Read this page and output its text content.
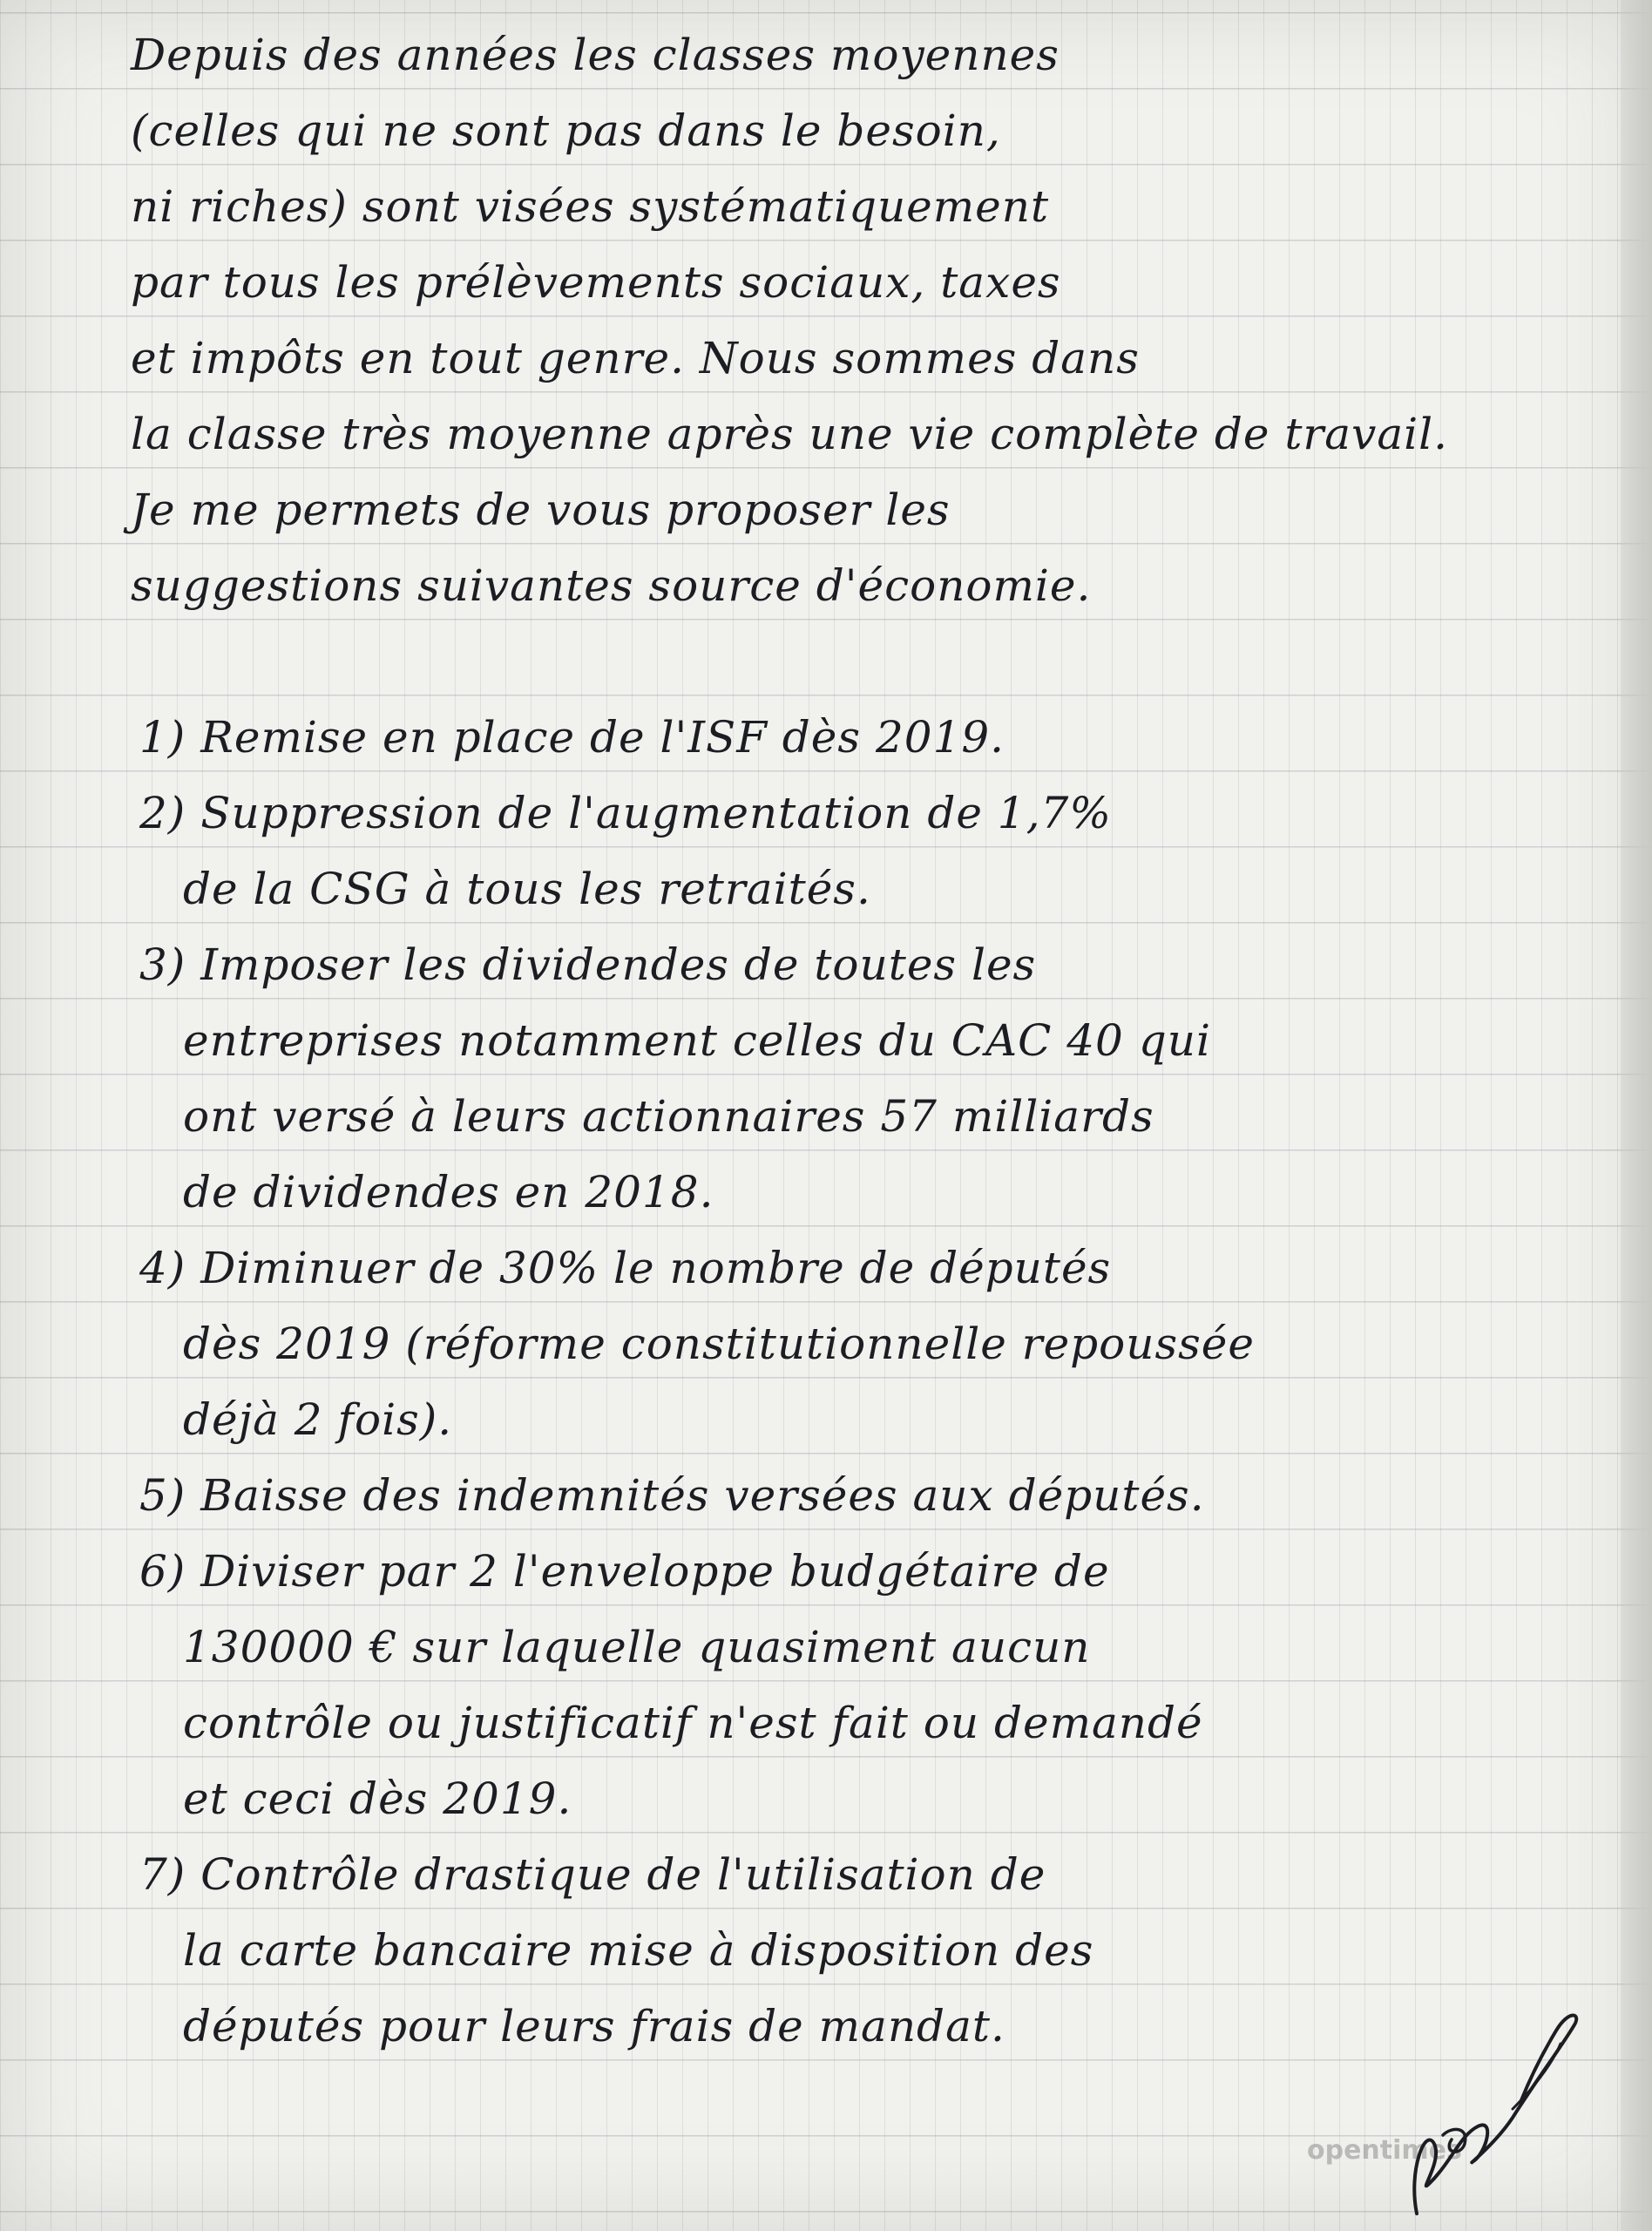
Depuis des années les classes moyennes
(celles qui ne sont pas dans le besoin,
ni riches) sont visées systématiquement
par tous les prélèvements sociaux, taxes
et impôts en tout genre. Nous sommes dans
la classe très moyenne après une vie complète de travail.
Je me permets de vous proposer les
suggestions suivantes source d'économie.
1) Remise en place de l'ISF dès 2019.
2) Suppression de l'augmentation de 1,7%
de la CSG à tous les retraités.
3) Imposer les dividendes de toutes les
entreprises notamment celles du CAC 40 qui
ont versé à leurs actionnaires 57 milliards
de dividendes en 2018.
4) Diminuer de 30% le nombre de députés
dès 2019 (réforme constitutionnelle repoussée
déjà 2 fois).
5) Baisse des indemnités versées aux députés.
6) Diviser par 2 l'enveloppe budgétaire de
130000 € sur laquelle quasiment aucun
contrôle ou justificatif n'est fait ou demandé
et ceci dès 2019.
7) Contrôle drastique de l'utilisation de
la carte bancaire mise à disposition des
députés pour leurs frais de mandat.
opentimes
